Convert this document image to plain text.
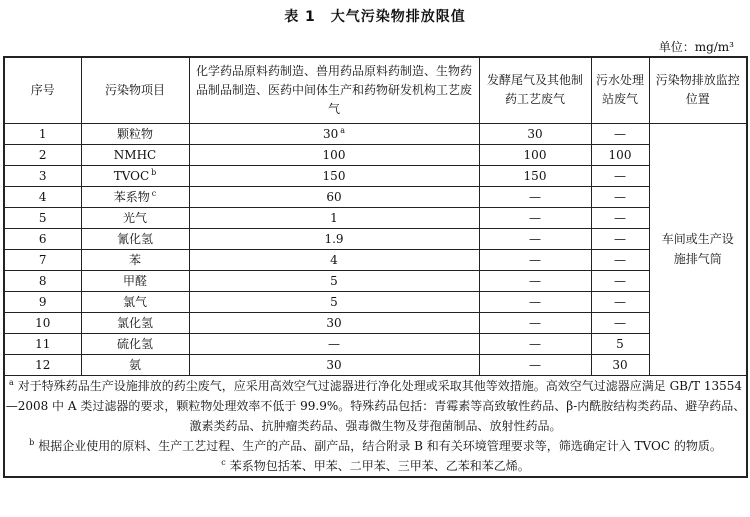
表 1　大气污染物排放限值
单位：mg/m³
序号	污染物项目	化学药品原料药制造、兽用药品原料药制造、生物药品制品制造、医药中间体生产和药物研发机构工艺废气	发酵尾气及其他制药工艺废气	污水处理站废气	污染物排放监控位置
1	颗粒物	30 $^a$	30	—	车间或生产设施排气筒
2	NMHC	100	100	100	
3	TVOC $^b$	150	150	—	
4	苯系物 $^c$	60	—	—	
5	光气	1	—	—	
6	氰化氢	1.9	—	—	
7	苯	4	—	—	
8	甲醛	5	—	—	
9	氯气	5	—	—	
10	氯化氢	30	—	—	
11	硫化氢	—	—	5	
12	氨	30	—	30	

$^a$ 对于特殊药品生产设施排放的药尘废气，应采用高效空气过滤器进行净化处理或采取其他等效措施。高效空气过滤器应满足 GB/T 13554—2008 中 A 类过滤器的要求，颗粒物处理效率不低于 99.9%。特殊药品包括：青霉素等高致敏性药品、β-内酰胺结构类药品、避孕药品、激素类药品、抗肿瘤类药品、强毒微生物及芽孢菌制品、放射性药品。
$^b$ 根据企业使用的原料、生产工艺过程、生产的产品、副产品，结合附录 B 和有关环境管理要求等，筛选确定计入 TVOC 的物质。
$^c$ 苯系物包括苯、甲苯、二甲苯、三甲苯、乙苯和苯乙烯。					
